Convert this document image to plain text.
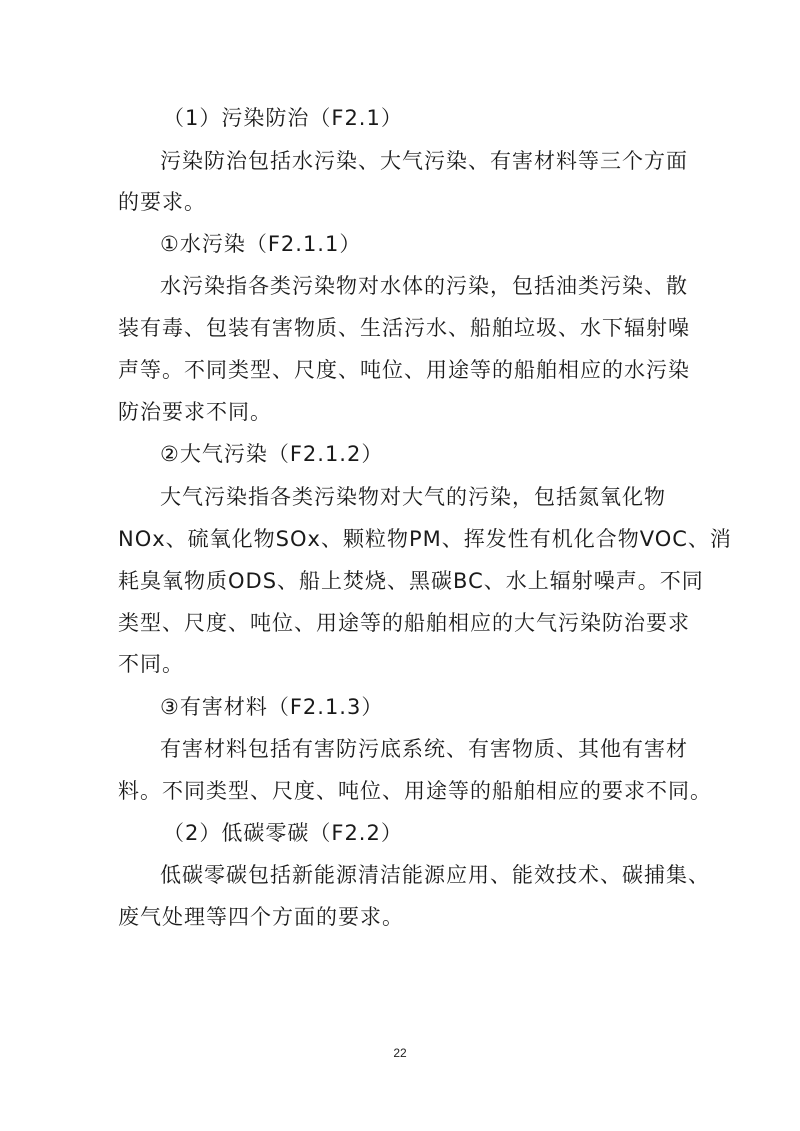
（1）污染防治（F2.1）
污染防治包括水污染、大气污染、有害材料等三个方面
的要求。
①水污染（F2.1.1）
水污染指各类污染物对水体的污染，包括油类污染、散
装有毒、包装有害物质、生活污水、船舶垃圾、水下辐射噪
声等。不同类型、尺度、吨位、用途等的船舶相应的水污染
防治要求不同。
②大气污染（F2.1.2）
大气污染指各类污染物对大气的污染，包括氮氧化物
NOx、硫氧化物SOx、颗粒物PM、挥发性有机化合物VOC、消
耗臭氧物质ODS、船上焚烧、黑碳BC、水上辐射噪声。不同
类型、尺度、吨位、用途等的船舶相应的大气污染防治要求
不同。
③有害材料（F2.1.3）
有害材料包括有害防污底系统、有害物质、其他有害材
料。不同类型、尺度、吨位、用途等的船舶相应的要求不同。
（2）低碳零碳（F2.2）
低碳零碳包括新能源清洁能源应用、能效技术、碳捕集、
废气处理等四个方面的要求。
22
